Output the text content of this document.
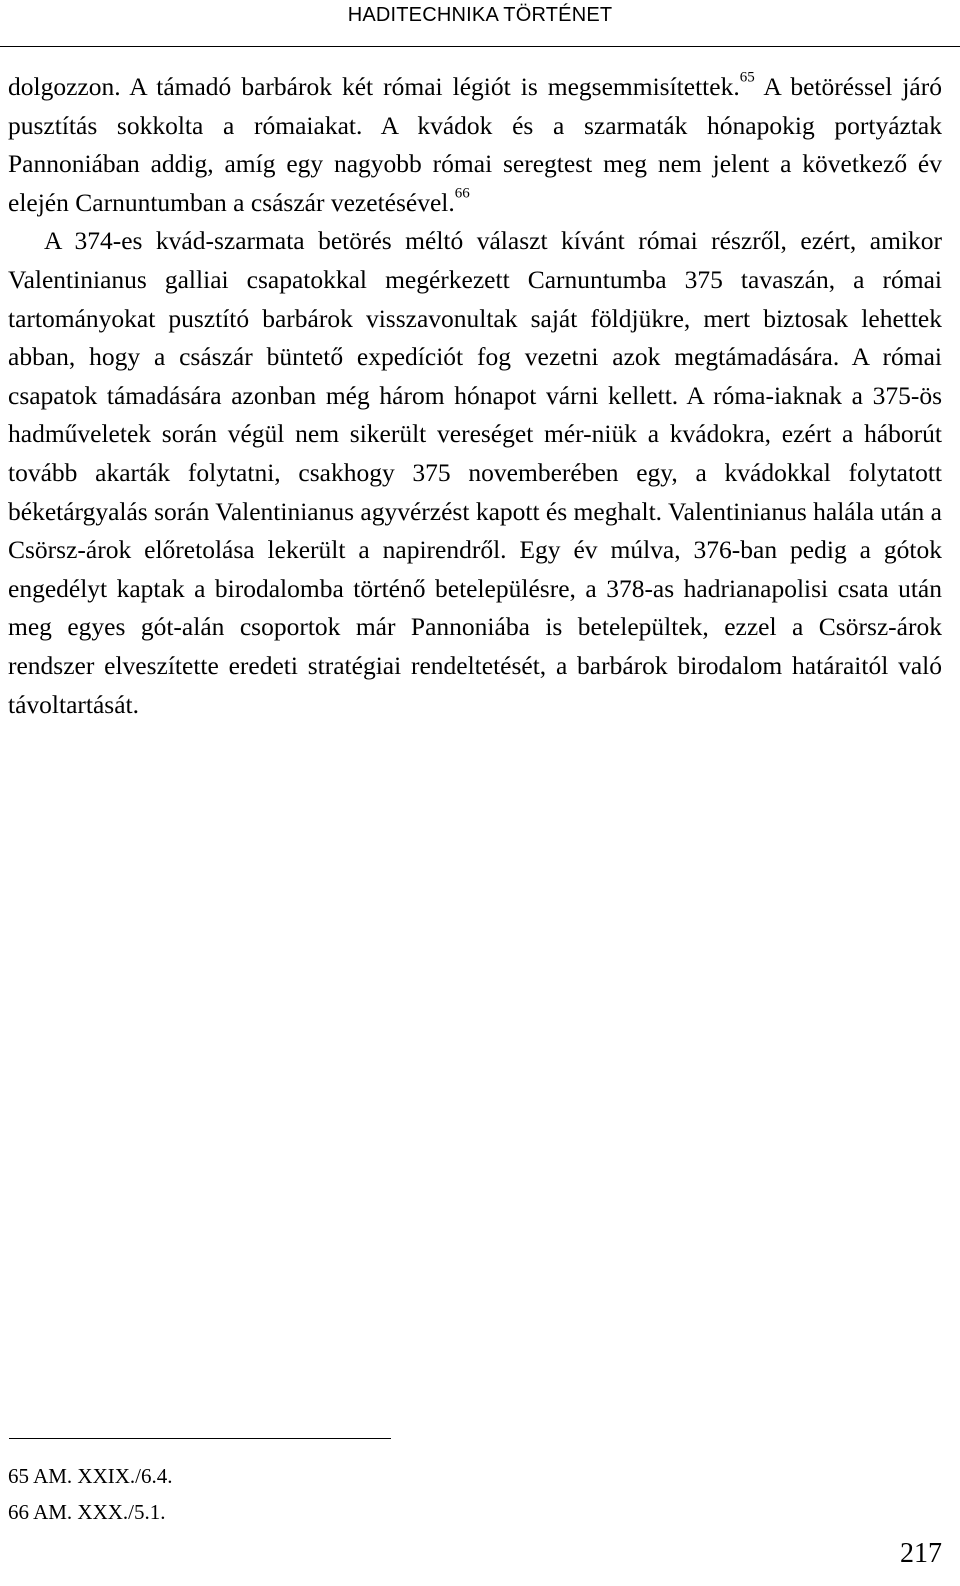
HADITECHNIKA TÖRTÉNET

dolgozzon. A támadó barbárok két római légiót is megsemmisítettek.$^{65}$ A betöréssel járó pusztítás sokkolta a rómaiakat. A kvádok és a szarmaták hónapokig portyáztak Pannoniában addig, amíg egy nagyobb római seregtest meg nem jelent a következő év elején Carnuntumban a császár vezetésével.$^{66}$

A 374-es kvád-szarmata betörés méltó választ kívánt római részről, ezért, amikor Valentinianus galliai csapatokkal megérkezett Carnuntumba 375 tavaszán, a római tartományokat pusztító barbárok visszavonultak saját földjükre, mert biztosak lehettek abban, hogy a császár büntető expedíciót fog vezetni azok megtámadására. A római csapatok támadására azonban még három hónapot várni kellett. A róma-iaknak a 375-ös hadműveletek során végül nem sikerült vereséget mér-niük a kvádokra, ezért a háborút tovább akarták folytatni, csakhogy 375 novemberében egy, a kvádokkal folytatott béketárgyalás során Valentinianus agyvérzést kapott és meghalt. Valentinianus halála után a Csörsz-árok előretolása lekerült a napirendről. Egy év múlva, 376-ban pedig a gótok engedélyt kaptak a birodalomba történő betelepülésre, a 378-as hadrianapolisi csata után meg egyes gót-alán csoportok már Pannoniába is betelepültek, ezzel a Csörsz-árok rendszer elveszítette eredeti stratégiai rendeltetését, a barbárok birodalom határaitól való távoltartását.

65 AM. XXIX./6.4.
66 AM. XXX./5.1.
217
